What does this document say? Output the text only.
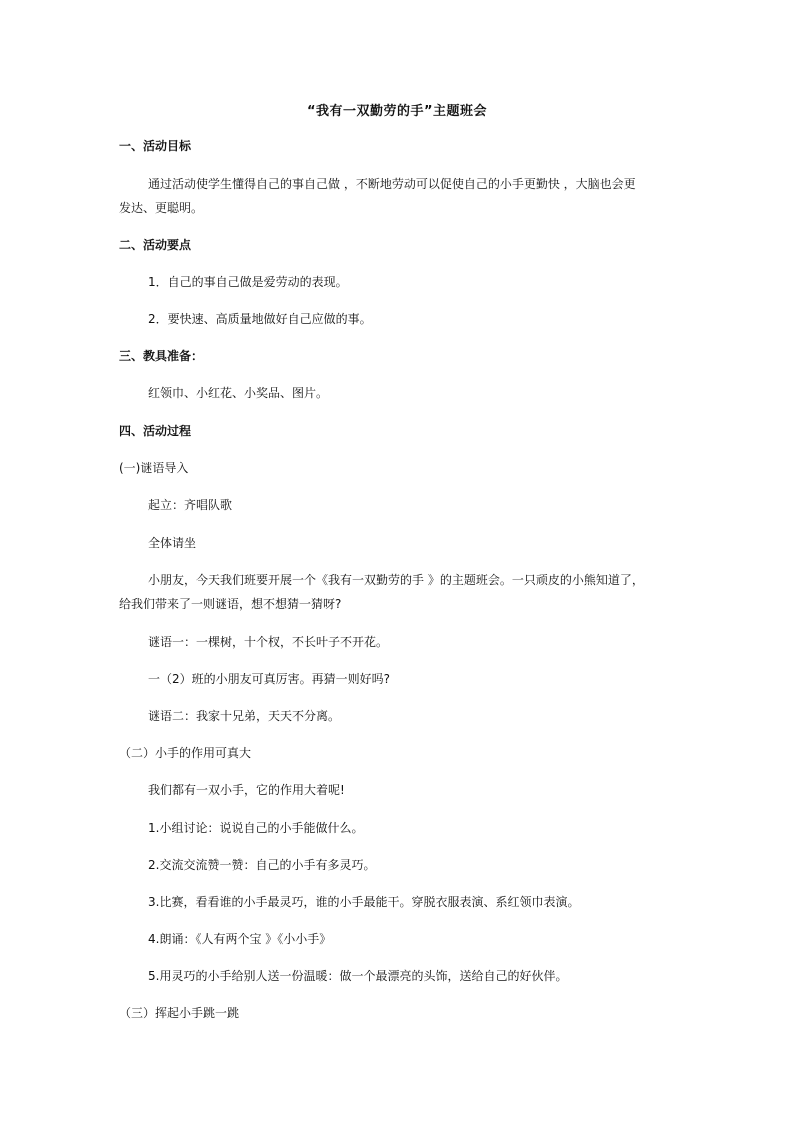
“我有一双勤劳的手”主题班会
一、活动目标
通过活动使学生懂得自己的事自己做 ，不断地劳动可以促使自己的小手更勤快 ，大脑也会更
发达、更聪明。
二、活动要点
1．自己的事自己做是爱劳动的表现。
2．要快速、高质量地做好自己应做的事。
三、教具准备：
红领巾、小红花、小奖品、图片。
四、活动过程
(一)谜语导入
起立：齐唱队歌
全体请坐
小朋友，今天我们班要开展一个《我有一双勤劳的手 》的主题班会。一只顽皮的小熊知道了，
给我们带来了一则谜语，想不想猜一猜呀?
谜语一：一棵树，十个杈，不长叶子不开花。
一（2）班的小朋友可真厉害。再猜一则好吗?
谜语二：我家十兄弟，天天不分离。
（二）小手的作用可真大
我们都有一双小手，它的作用大着呢!
1.小组讨论：说说自己的小手能做什么。
2.交流交流赞一赞：自己的小手有多灵巧。
3.比赛，看看谁的小手最灵巧，谁的小手最能干。穿脱衣服表演、系红领巾表演。
4.朗诵：《人有两个宝 》《小小手》
5.用灵巧的小手给别人送一份温暖：做一个最漂亮的头饰，送给自己的好伙伴。
（三）挥起小手跳一跳
